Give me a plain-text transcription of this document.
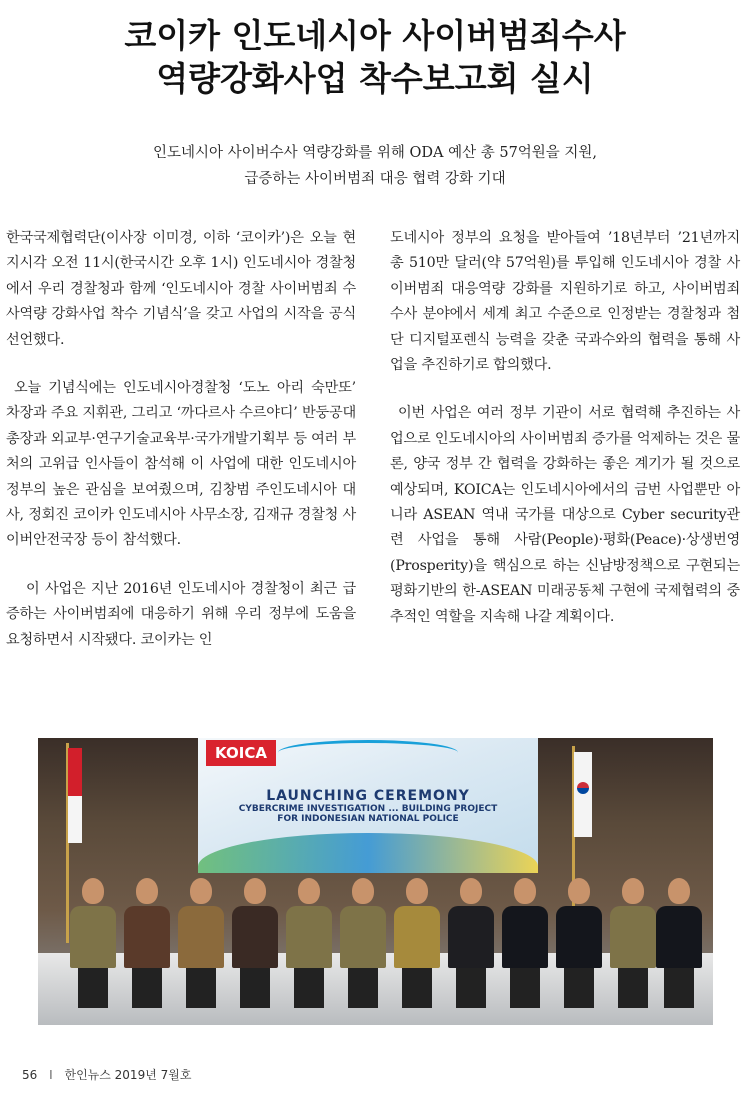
코이카 인도네시아 사이버범죄수사
역량강화사업 착수보고회 실시
인도네시아 사이버수사 역량강화를 위해 ODA 예산 총 57억원을 지원,
급증하는 사이버범죄 대응 협력 강화 기대

한국국제협력단(이사장 이미경, 이하 ‘코이카’)은 오늘 현지시각 오전 11시(한국시간 오후 1시) 인도네시아 경찰청에서 우리 경찰청과 함께 ‘인도네시아 경찰 사이버범죄 수사역량 강화사업 착수 기념식’을 갖고 사업의 시작을 공식 선언했다.

오늘 기념식에는 인도네시아경찰청 ‘도노 아리 숙만또’ 차장과 주요 지휘관, 그리고 ‘까다르사 수르야디’ 반둥공대 총장과 외교부·연구기술교육부·국가개발기획부 등 여러 부처의 고위급 인사들이 참석해 이 사업에 대한 인도네시아 정부의 높은 관심을 보여줬으며, 김창범 주인도네시아 대사, 정회진 코이카 인도네시아 사무소장, 김재규 경찰청 사이버안전국장 등이 참석했다.

이 사업은 지난 2016년 인도네시아 경찰청이 최근 급증하는 사이버범죄에 대응하기 위해 우리 정부에 도움을 요청하면서 시작됐다. 코이카는 인

도네시아 정부의 요청을 받아들여 ’18년부터 ’21년까지 총 510만 달러(약 57억원)를 투입해 인도네시아 경찰 사이버범죄 대응역량 강화를 지원하기로 하고, 사이버범죄 수사 분야에서 세계 최고 수준으로 인정받는 경찰청과 첨단 디지털포렌식 능력을 갖춘 국과수와의 협력을 통해 사업을 추진하기로 합의했다.

이번 사업은 여러 정부 기관이 서로 협력해 추진하는 사업으로 인도네시아의 사이버범죄 증가를 억제하는 것은 물론, 양국 정부 간 협력을 강화하는 좋은 계기가 될 것으로 예상되며, KOICA는 인도네시아에서의 금번 사업뿐만 아니라 ASEAN 역내 국가를 대상으로 Cyber security관련 사업을 통해 사람(People)·평화(Peace)·상생번영(Prosperity)을 핵심으로 하는 신남방정책으로 구현되는 평화기반의 한-ASEAN 미래공동체 구현에 국제협력의 중추적인 역할을 지속해 나갈 계획이다.

KOICA
LAUNCHING CEREMONY
CYBERCRIME INVESTIGATION ... BUILDING PROJECT
FOR INDONESIAN NATIONAL POLICE
56 I 한인뉴스 2019년 7월호
